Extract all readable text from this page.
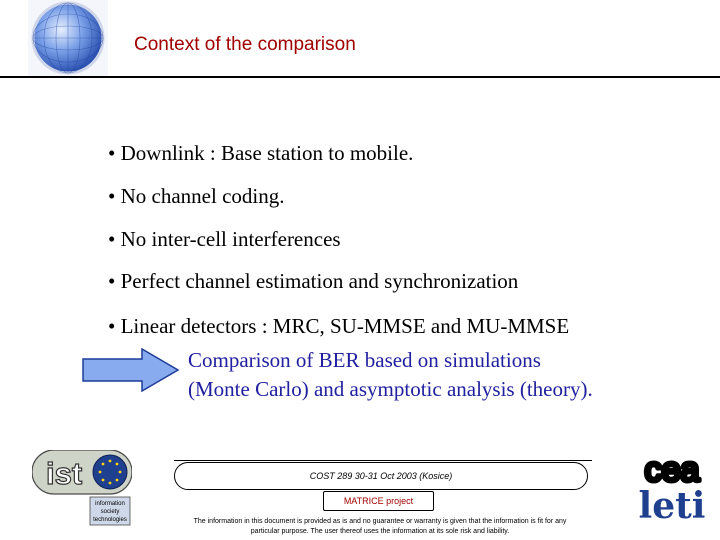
Context of the comparison
• Downlink : Base station to mobile.
• No channel coding.
• No inter-cell interferences
• Perfect channel estimation and synchronization
• Linear detectors : MRC, SU-MMSE and MU-MMSE
Comparison of BER based on simulations
(Monte Carlo) and asymptotic analysis (theory).
ist
information
society
technologies
COST 289 30-31 Oct 2003 (Kosice)
MATRICE project
The information in this document is provided as is and no guarantee or warranty is given that the information is fit for any
particular purpose. The user thereof uses the information at its sole risk and liability.
cea
leti
